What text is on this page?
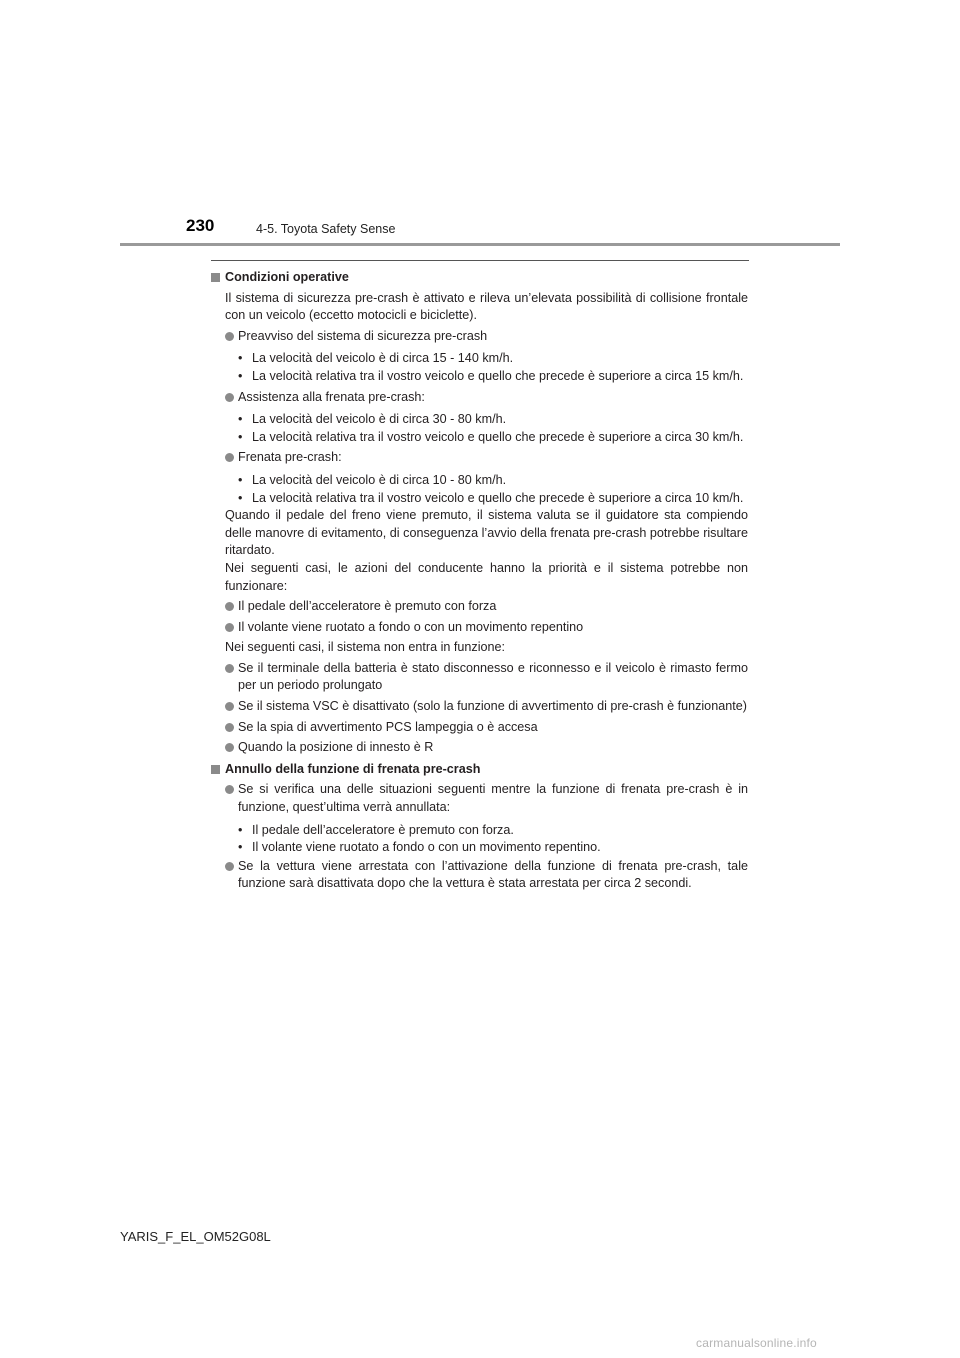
230	4-5. Toyota Safety Sense
Condizioni operative
Il sistema di sicurezza pre-crash è attivato e rileva un’elevata possibilità di collisione frontale con un veicolo (eccetto motocicli e biciclette).
Preavviso del sistema di sicurezza pre-crash
• La velocità del veicolo è di circa 15 - 140 km/h.
• La velocità relativa tra il vostro veicolo e quello che precede è superiore a circa 15 km/h.
Assistenza alla frenata pre-crash:
• La velocità del veicolo è di circa 30 - 80 km/h.
• La velocità relativa tra il vostro veicolo e quello che precede è superiore a circa 30 km/h.
Frenata pre-crash:
• La velocità del veicolo è di circa 10 - 80 km/h.
• La velocità relativa tra il vostro veicolo e quello che precede è superiore a circa 10 km/h.
Quando il pedale del freno viene premuto, il sistema valuta se il guidatore sta compiendo delle manovre di evitamento, di conseguenza l’avvio della frenata pre-crash potrebbe risultare ritardato.
Nei seguenti casi, le azioni del conducente hanno la priorità e il sistema potrebbe non funzionare:
Il pedale dell’acceleratore è premuto con forza
Il volante viene ruotato a fondo o con un movimento repentino
Nei seguenti casi, il sistema non entra in funzione:
Se il terminale della batteria è stato disconnesso e riconnesso e il veicolo è rimasto fermo per un periodo prolungato
Se il sistema VSC è disattivato (solo la funzione di avvertimento di pre-crash è funzionante)
Se la spia di avvertimento PCS lampeggia o è accesa
Quando la posizione di innesto è R
Annullo della funzione di frenata pre-crash
Se si verifica una delle situazioni seguenti mentre la funzione di frenata pre-crash è in funzione, quest’ultima verrà annullata:
• Il pedale dell’acceleratore è premuto con forza.
• Il volante viene ruotato a fondo o con un movimento repentino.
Se la vettura viene arrestata con l’attivazione della funzione di frenata pre-crash, tale funzione sarà disattivata dopo che la vettura è stata arrestata per circa 2 secondi.
YARIS_F_EL_OM52G08L
carmanualsonline.info
